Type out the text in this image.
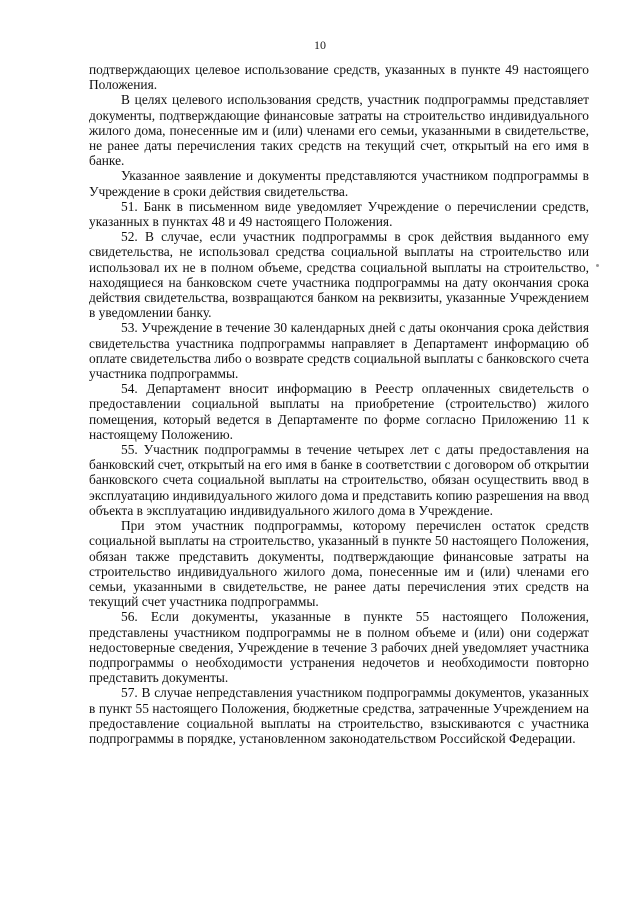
10

подтверждающих целевое использование средств, указанных в пункте 49 настоящего Положения.

В целях целевого использования средств, участник подпрограммы представляет документы, подтверждающие финансовые затраты на строительство индивидуального жилого дома, понесенные им и (или) членами его семьи, указанными в свидетельстве, не ранее даты перечисления таких средств на текущий счет, открытый на его имя в банке.

Указанное заявление и документы представляются участником подпрограммы в Учреждение в сроки действия свидетельства.

51. Банк в письменном виде уведомляет Учреждение о перечислении средств, указанных в пунктах 48 и 49 настоящего Положения.

52. В случае, если участник подпрограммы в срок действия выданного ему свидетельства, не использовал средства социальной выплаты на строительство или использовал их не в полном объеме, средства социальной выплаты на строительство, находящиеся на банковском счете участника подпрограммы на дату окончания срока действия свидетельства, возвращаются банком на реквизиты, указанные Учреждением в уведомлении банку.

53. Учреждение в течение 30 календарных дней с даты окончания срока действия свидетельства участника подпрограммы направляет в Департамент информацию об оплате свидетельства либо о возврате средств социальной выплаты с банковского счета участника подпрограммы.

54. Департамент вносит информацию в Реестр оплаченных свидетельств о предоставлении социальной выплаты на приобретение (строительство) жилого помещения, который ведется в Департаменте по форме согласно Приложению 11 к настоящему Положению.

55. Участник подпрограммы в течение четырех лет с даты предоставления на банковский счет, открытый на его имя в банке в соответствии с договором об открытии банковского счета социальной выплаты на строительство, обязан осуществить ввод в эксплуатацию индивидуального жилого дома и представить копию разрешения на ввод объекта в эксплуатацию индивидуального жилого дома в Учреждение.

При этом участник подпрограммы, которому перечислен остаток средств социальной выплаты на строительство, указанный в пункте 50 настоящего Положения, обязан также представить документы, подтверждающие финансовые затраты на строительство индивидуального жилого дома, понесенные им и (или) членами его семьи, указанными в свидетельстве, не ранее даты перечисления этих средств на текущий счет участника подпрограммы.

56. Если документы, указанные в пункте 55 настоящего Положения, представлены участником подпрограммы не в полном объеме и (или) они содержат недостоверные сведения, Учреждение в течение 3 рабочих дней уведомляет участника подпрограммы о необходимости устранения недочетов и необходимости повторно представить документы.

57. В случае непредставления участником подпрограммы документов, указанных в пункт 55 настоящего Положения, бюджетные средства, затраченные Учреждением на предоставление социальной выплаты на строительство, взыскиваются с участника подпрограммы в порядке, установленном законодательством Российской Федерации.
